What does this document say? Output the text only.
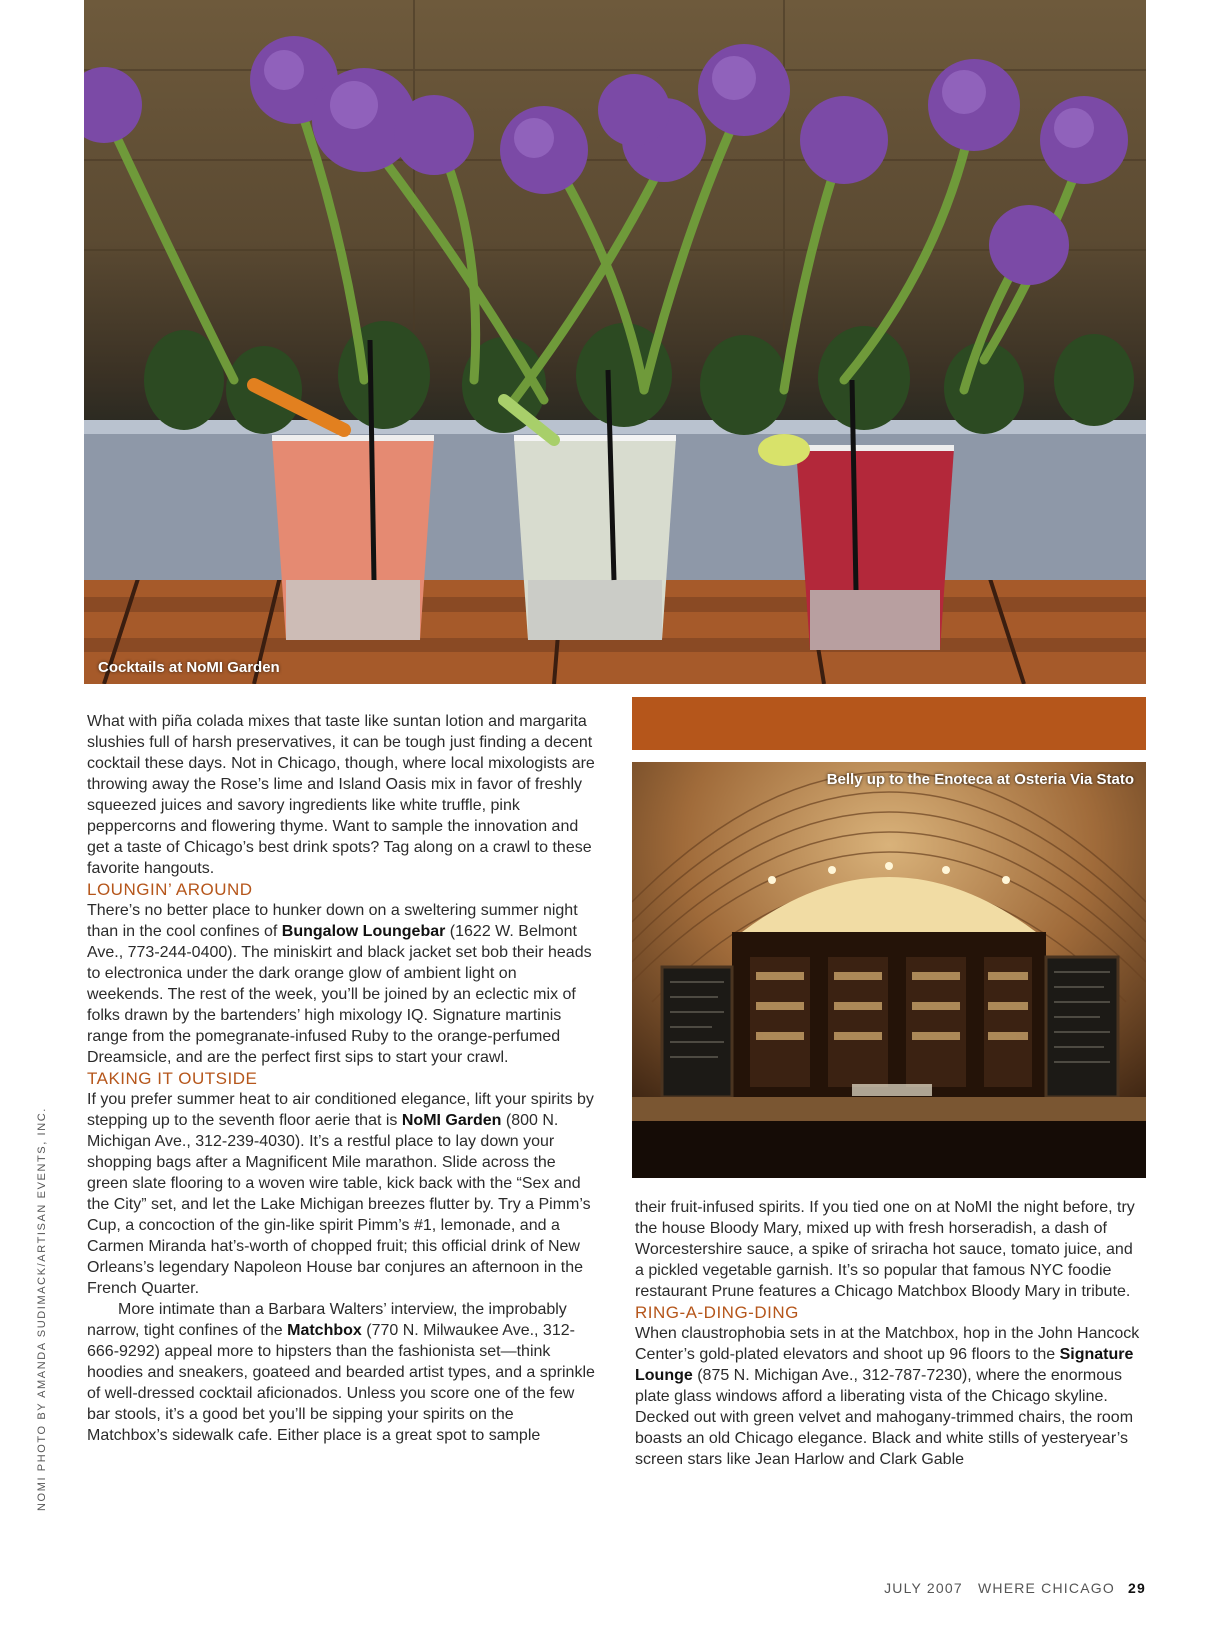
Cocktails at NoMI Garden
Belly up to the Enoteca at Osteria Via Stato

What with piña colada mixes that taste like suntan lotion and margarita slushies full of harsh preservatives, it can be tough just finding a decent cocktail these days. Not in Chicago, though, where local mixologists are throwing away the Rose’s lime and Island Oasis mix in favor of freshly squeezed juices and savory ingredients like white truffle, pink peppercorns and flowering thyme. Want to sample the innovation and get a taste of Chicago’s best drink spots? Tag along on a crawl to these favorite hangouts.

LOUNGIN’ AROUND

There’s no better place to hunker down on a sweltering summer night than in the cool confines of Bungalow Loungebar (1622 W. Belmont Ave., 773-244-0400). The miniskirt and black jacket set bob their heads to electronica under the dark orange glow of ambient light on weekends. The rest of the week, you’ll be joined by an eclectic mix of folks drawn by the bartenders’ high mixology IQ. Signature martinis range from the pomegranate-infused Ruby to the orange-perfumed Dreamsicle, and are the perfect first sips to start your crawl.

TAKING IT OUTSIDE

If you prefer summer heat to air conditioned elegance, lift your spirits by stepping up to the seventh floor aerie that is NoMI Garden (800 N. Michigan Ave., 312-239-4030). It’s a restful place to lay down your shopping bags after a Magnificent Mile marathon. Slide across the green slate flooring to a woven wire table, kick back with the “Sex and the City” set, and let the Lake Michigan breezes flutter by. Try a Pimm’s Cup, a concoction of the gin-like spirit Pimm’s #1, lemonade, and a Carmen Miranda hat’s-worth of chopped fruit; this official drink of New Orleans’s legendary Napoleon House bar conjures an afternoon in the French Quarter.

More intimate than a Barbara Walters’ interview, the improbably narrow, tight confines of the Matchbox (770 N. Milwaukee Ave., 312-666-9292) appeal more to hipsters than the fashionista set—think hoodies and sneakers, goateed and bearded artist types, and a sprinkle of well-dressed cocktail aficionados. Unless you score one of the few bar stools, it’s a good bet you’ll be sipping your spirits on the Matchbox’s sidewalk cafe. Either place is a great spot to sample

their fruit-infused spirits. If you tied one on at NoMI the night before, try the house Bloody Mary, mixed up with fresh horseradish, a dash of Worcestershire sauce, a spike of sriracha hot sauce, tomato juice, and a pickled vegetable garnish. It’s so popular that famous NYC foodie restaurant Prune features a Chicago Matchbox Bloody Mary in tribute.

RING-A-DING-DING

When claustrophobia sets in at the Matchbox, hop in the John Hancock Center’s gold-plated elevators and shoot up 96 floors to the Signature Lounge (875 N. Michigan Ave., 312-787-7230), where the enormous plate glass windows afford a liberating vista of the Chicago skyline. Decked out with green velvet and mahogany-trimmed chairs, the room boasts an old Chicago elegance. Black and white stills of yesteryear’s screen stars like Jean Harlow and Clark Gable

NOMI PHOTO BY AMANDA SUDIMACK/ARTISAN EVENTS, INC.
JULY 2007 WHERE CHICAGO 29
